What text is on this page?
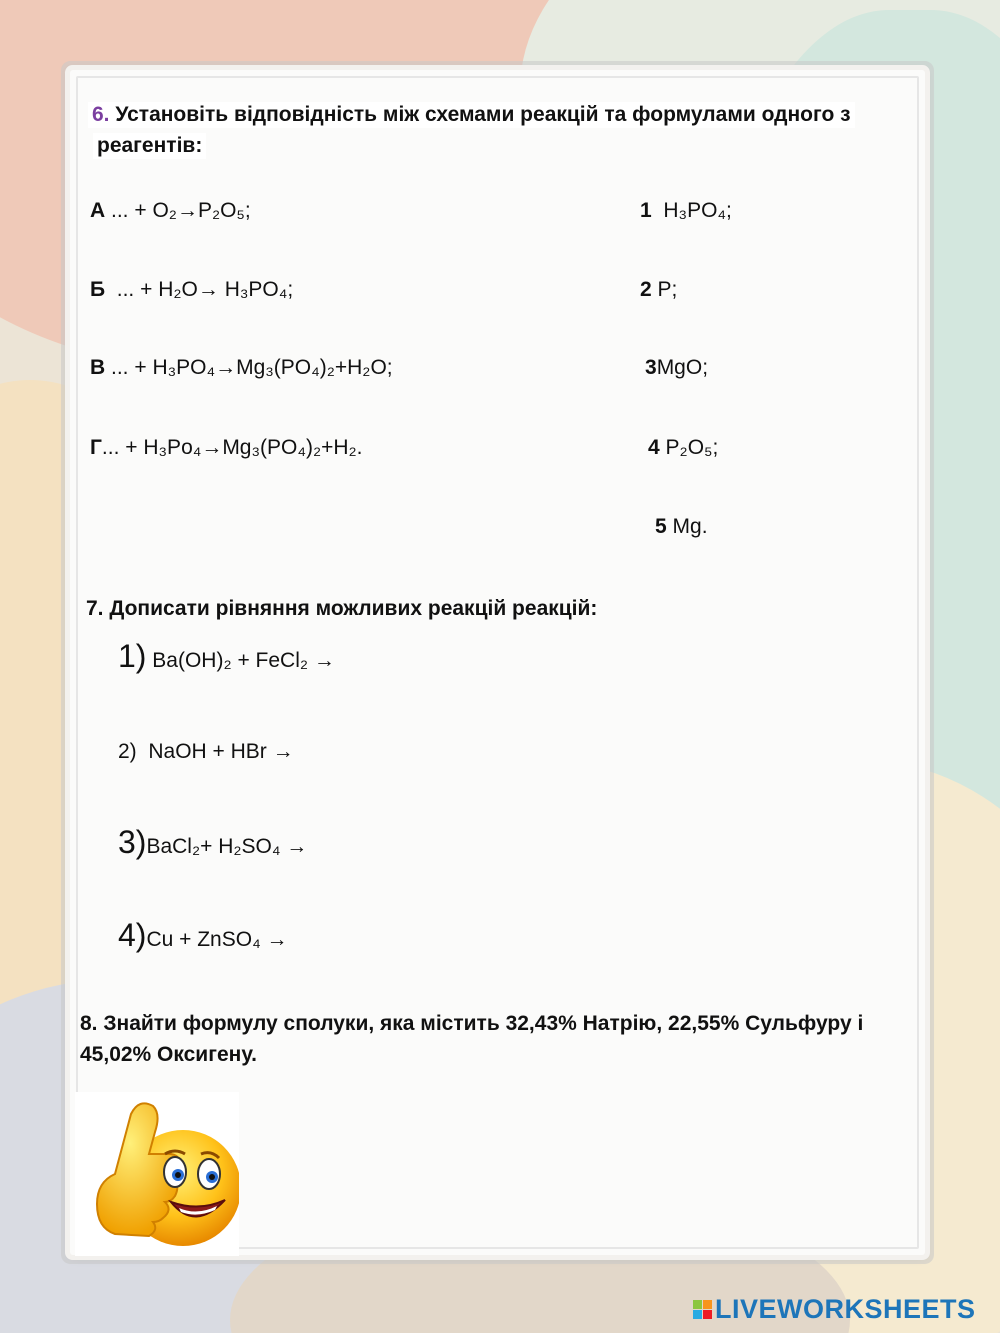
6. Установіть відповідність між схемами реакцій та формулами одного з
реагентів:
А ... + O₂→P₂O₅;
Б ... + H₂O→ H₃PO₄;
В ... + H₃PO₄→Mg₃(PO₄)₂+H₂O;
Г... + H₃Po₄→Mg₃(PO₄)₂+H₂.
1 H₃PO₄;
2 P;
3MgO;
4 P₂O₅;
5 Mg.
7. Дописати рівняння можливих реакцій реакцій:
1) Ba(OH)₂ + FeCl₂ →
2) NaOH + HBr →
3)BaCl₂+ H₂SO₄ →
4)Cu + ZnSO₄ →
8. Знайти формулу сполуки, яка містить 32,43% Натрію, 22,55% Сульфуру і
45,02% Оксигену.
LIVEWORKSHEETS
